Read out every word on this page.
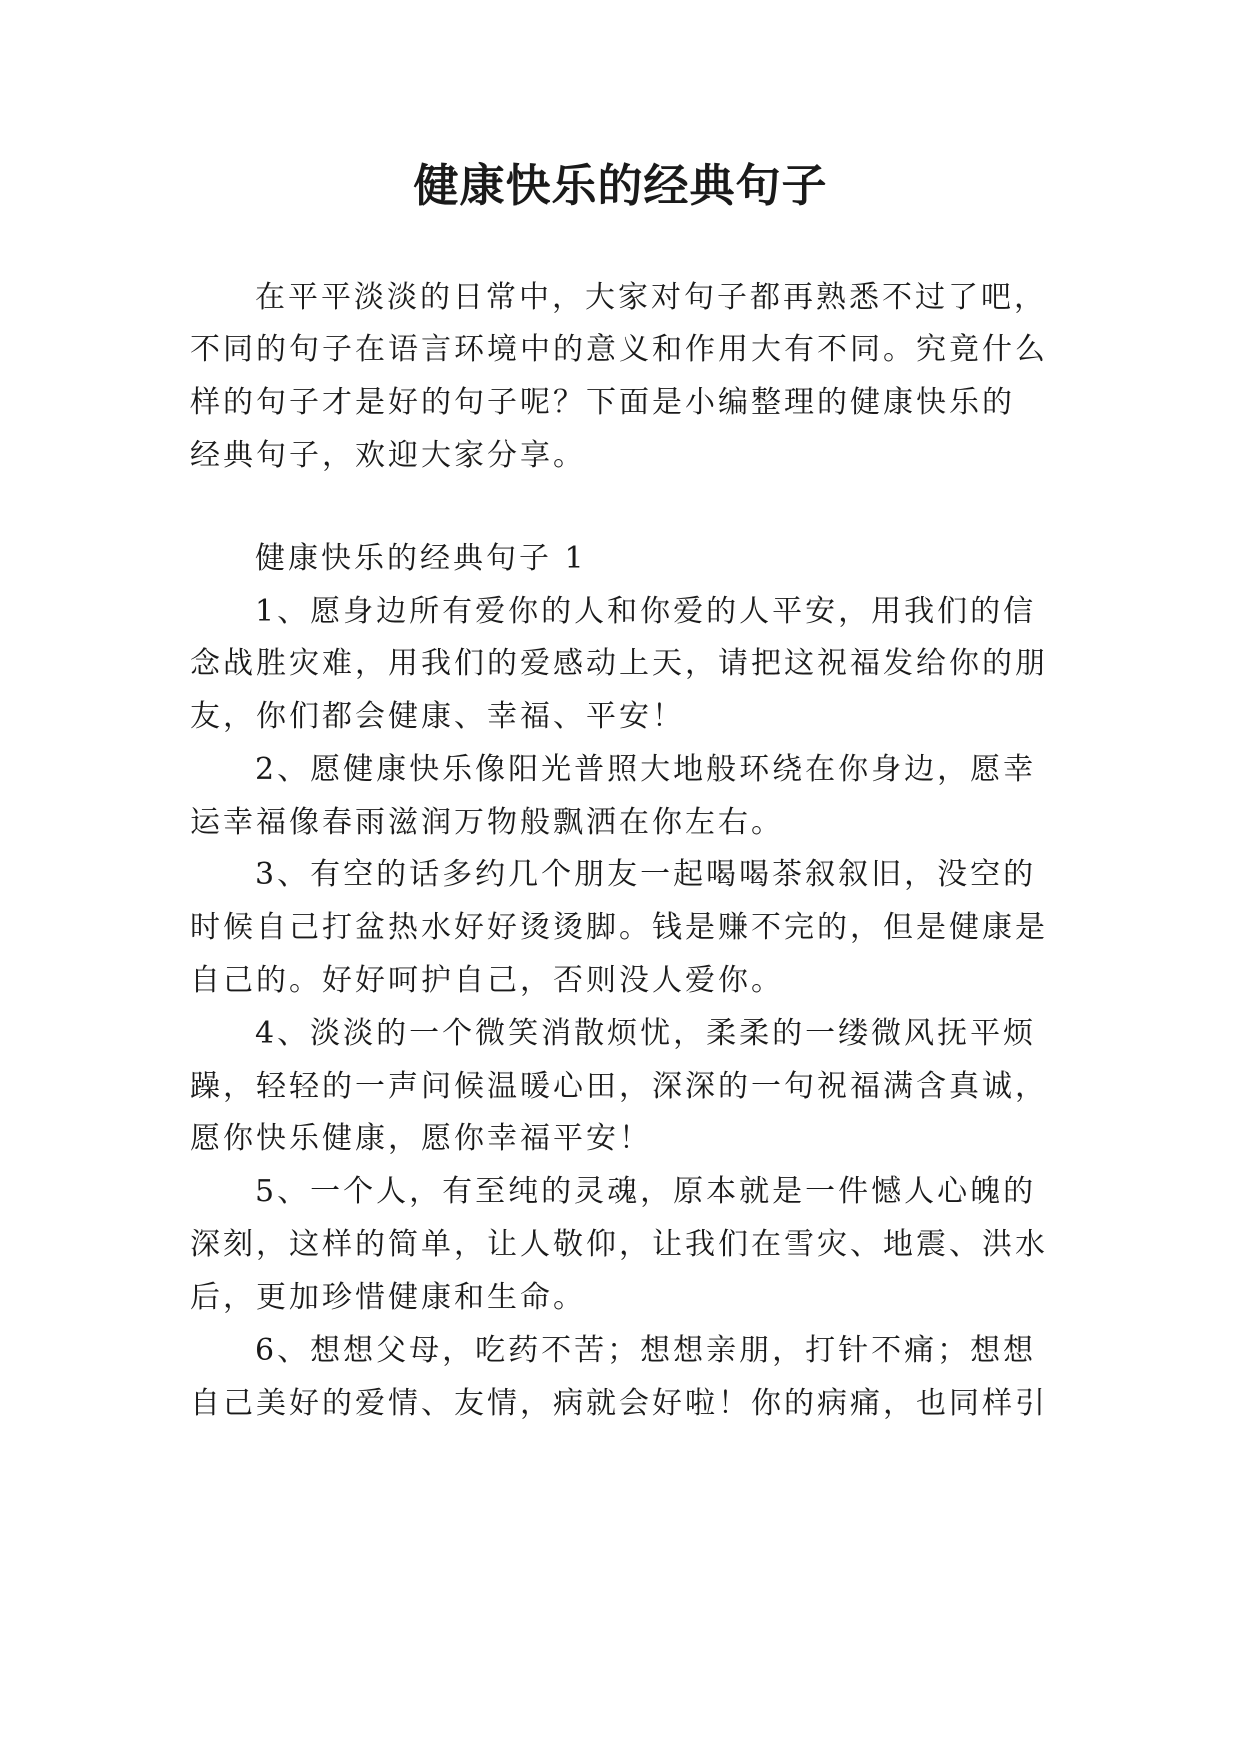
健康快乐的经典句子
在平平淡淡的日常中，大家对句子都再熟悉不过了吧，
不同的句子在语言环境中的意义和作用大有不同。究竟什么
样的句子才是好的句子呢？下面是小编整理的健康快乐的
经典句子，欢迎大家分享。
健康快乐的经典句子 1
1、愿身边所有爱你的人和你爱的人平安，用我们的信
念战胜灾难，用我们的爱感动上天，请把这祝福发给你的朋
友，你们都会健康、幸福、平安！
2、愿健康快乐像阳光普照大地般环绕在你身边，愿幸
运幸福像春雨滋润万物般飘洒在你左右。
3、有空的话多约几个朋友一起喝喝茶叙叙旧，没空的
时候自己打盆热水好好烫烫脚。钱是赚不完的，但是健康是
自己的。好好呵护自己，否则没人爱你。
4、淡淡的一个微笑消散烦忧，柔柔的一缕微风抚平烦
躁，轻轻的一声问候温暖心田，深深的一句祝福满含真诚，
愿你快乐健康，愿你幸福平安！
5、一个人，有至纯的灵魂，原本就是一件憾人心魄的
深刻，这样的简单，让人敬仰，让我们在雪灾、地震、洪水
后，更加珍惜健康和生命。
6、想想父母，吃药不苦；想想亲朋，打针不痛；想想
自己美好的爱情、友情，病就会好啦！你的病痛，也同样引
